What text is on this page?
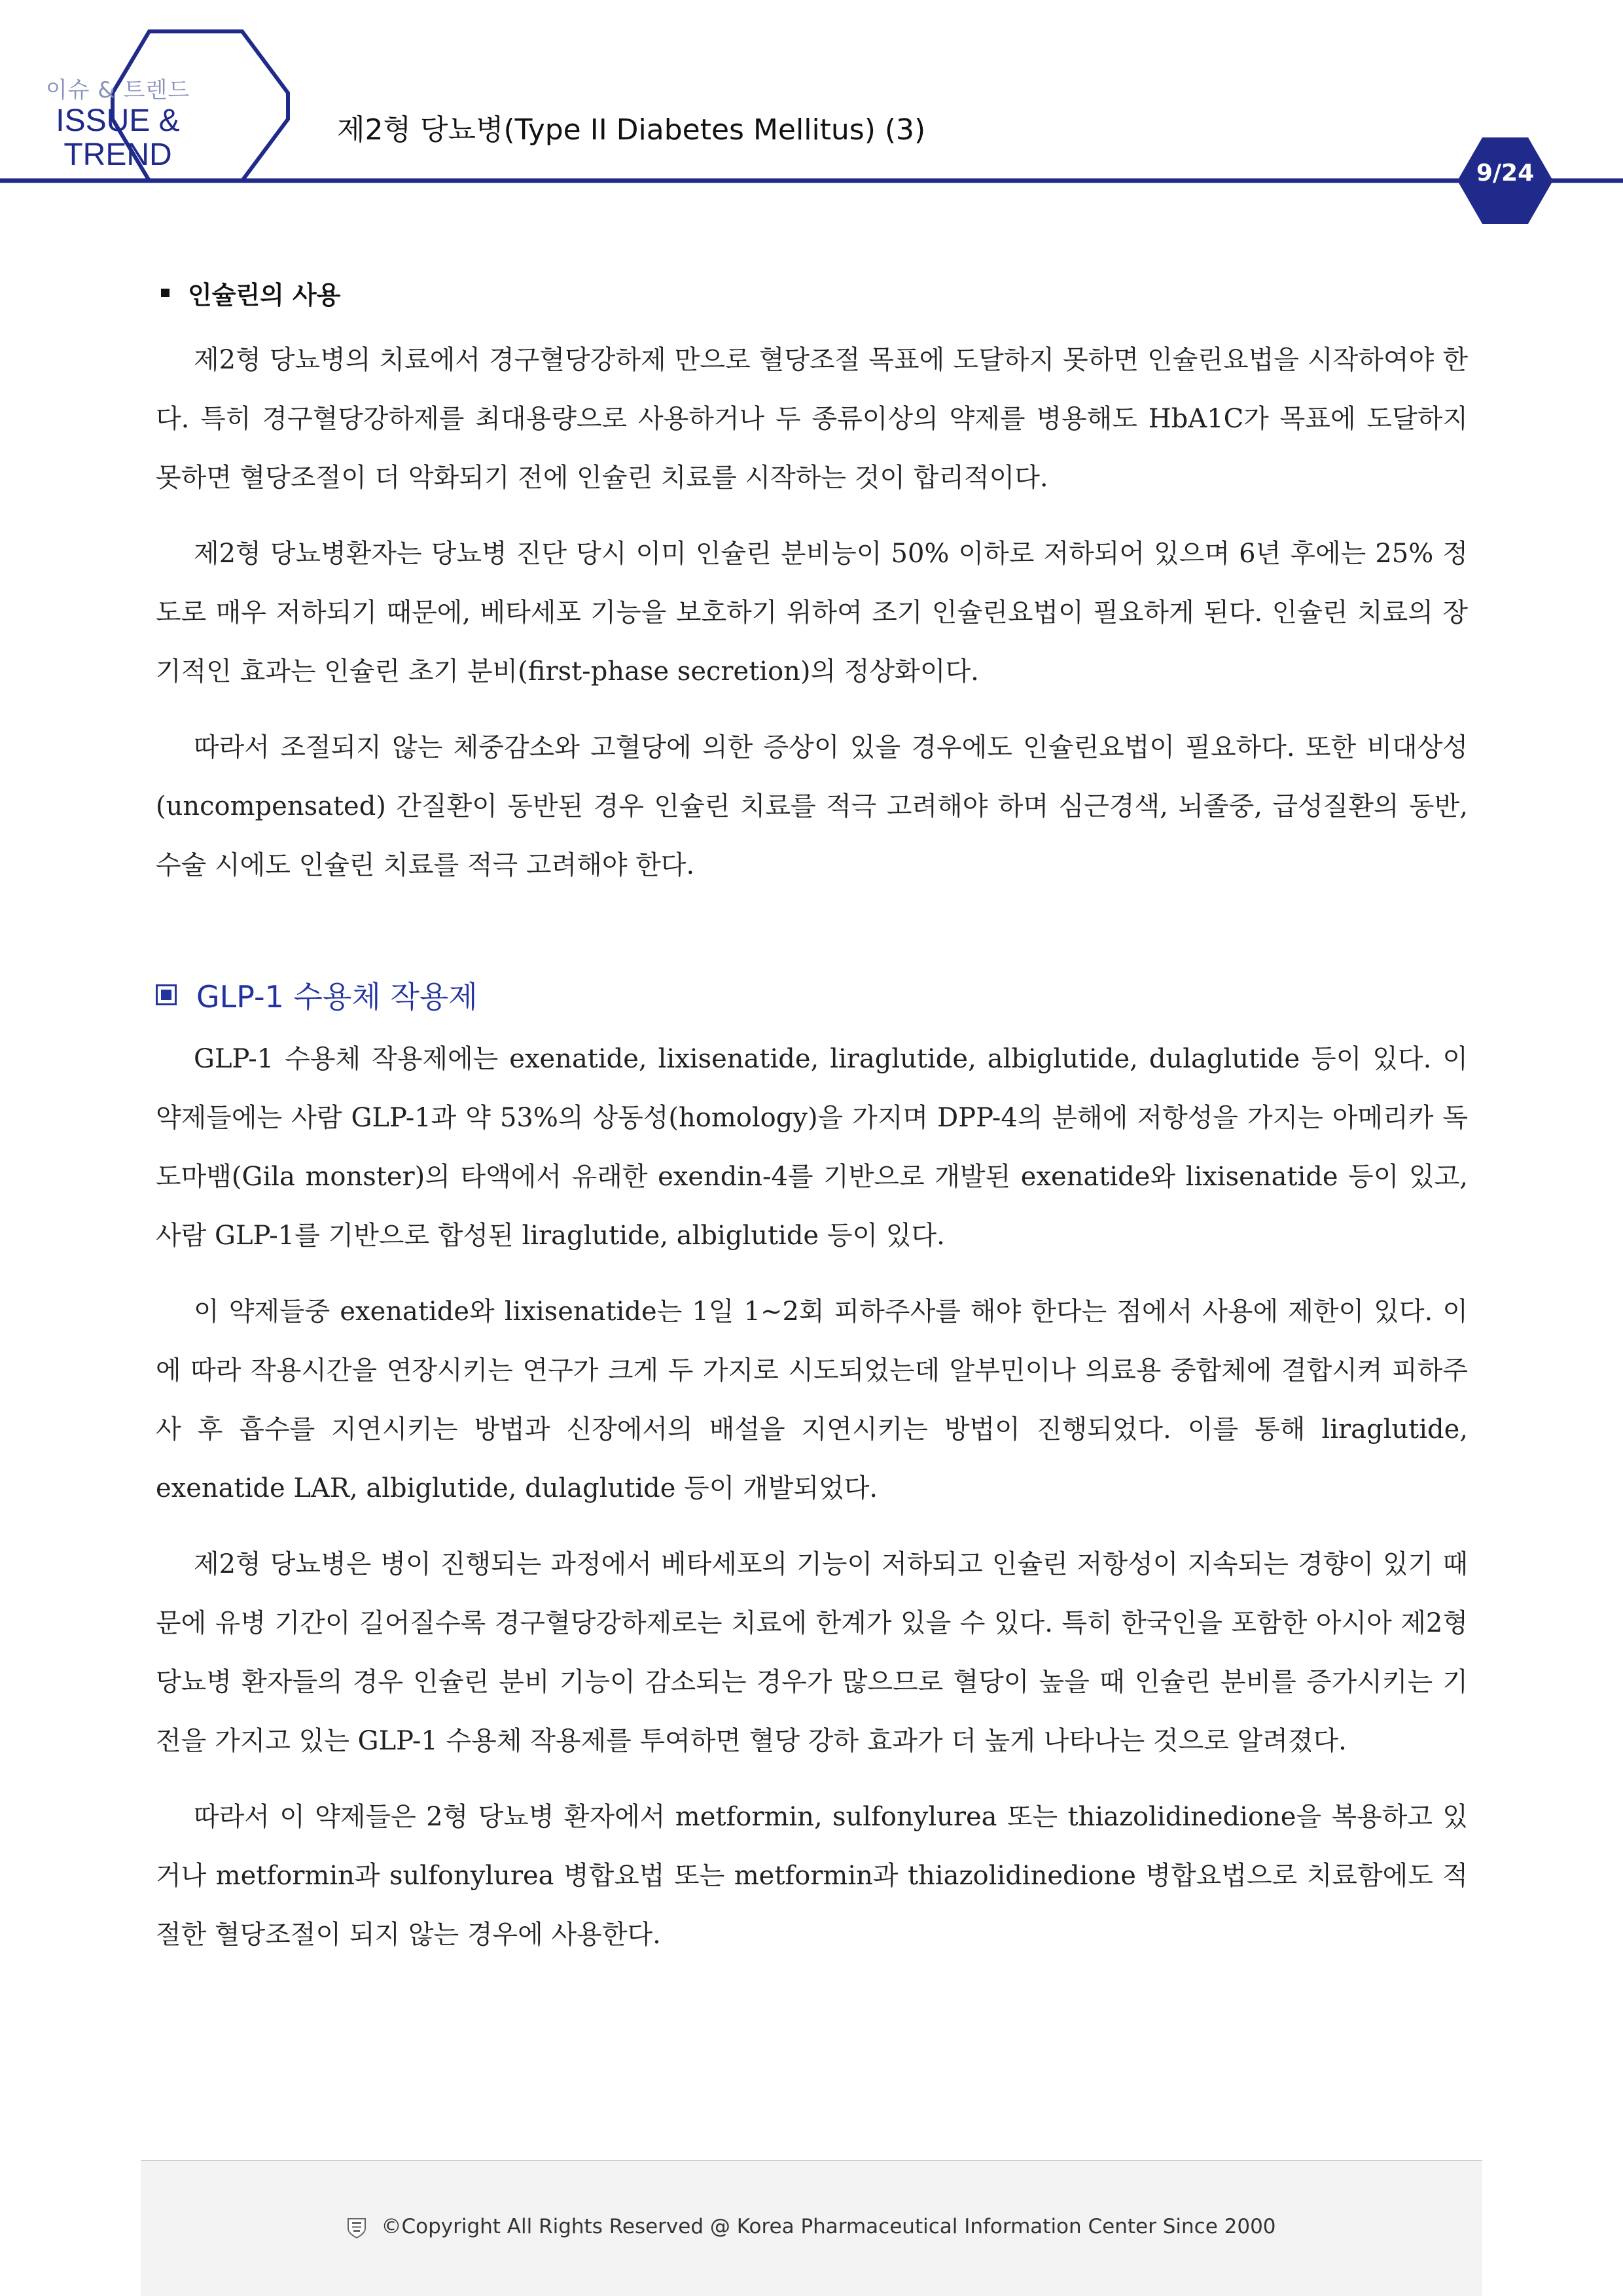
이슈 & 트렌드
ISSUE &
TREND
제2형 당뇨병(Type II Diabetes Mellitus) (3)
9/24
인슐린의 사용

제2형 당뇨병의 치료에서 경구혈당강하제 만으로 혈당조절 목표에 도달하지 못하면 인슐린요법을 시작하여야 한다. 특히 경구혈당강하제를 최대용량으로 사용하거나 두 종류이상의 약제를 병용해도 HbA1C가 목표에 도달하지 못하면 혈당조절이 더 악화되기 전에 인슐린 치료를 시작하는 것이 합리적이다.

제2형 당뇨병환자는 당뇨병 진단 당시 이미 인슐린 분비능이 50% 이하로 저하되어 있으며 6년 후에는 25% 정도로 매우 저하되기 때문에, 베타세포 기능을 보호하기 위하여 조기 인슐린요법이 필요하게 된다. 인슐린 치료의 장기적인 효과는 인슐린 초기 분비(first-phase secretion)의 정상화이다.

따라서 조절되지 않는 체중감소와 고혈당에 의한 증상이 있을 경우에도 인슐린요법이 필요하다. 또한 비대상성(uncompensated) 간질환이 동반된 경우 인슐린 치료를 적극 고려해야 하며 심근경색, 뇌졸중, 급성질환의 동반, 수술 시에도 인슐린 치료를 적극 고려해야 한다.

GLP-1 수용체 작용제

GLP-1 수용체 작용제에는 exenatide, lixisenatide, liraglutide, albiglutide, dulaglutide 등이 있다. 이 약제들에는 사람 GLP-1과 약 53%의 상동성(homology)을 가지며 DPP-4의 분해에 저항성을 가지는 아메리카 독도마뱀(Gila monster)의 타액에서 유래한 exendin-4를 기반으로 개발된 exenatide와 lixisenatide 등이 있고, 사람 GLP-1를 기반으로 합성된 liraglutide, albiglutide 등이 있다.

이 약제들중 exenatide와 lixisenatide는 1일 1~2회 피하주사를 해야 한다는 점에서 사용에 제한이 있다. 이에 따라 작용시간을 연장시키는 연구가 크게 두 가지로 시도되었는데 알부민이나 의료용 중합체에 결합시켜 피하주사 후 흡수를 지연시키는 방법과 신장에서의 배설을 지연시키는 방법이 진행되었다. 이를 통해 liraglutide, exenatide LAR, albiglutide, dulaglutide 등이 개발되었다.

제2형 당뇨병은 병이 진행되는 과정에서 베타세포의 기능이 저하되고 인슐린 저항성이 지속되는 경향이 있기 때문에 유병 기간이 길어질수록 경구혈당강하제로는 치료에 한계가 있을 수 있다. 특히 한국인을 포함한 아시아 제2형 당뇨병 환자들의 경우 인슐린 분비 기능이 감소되는 경우가 많으므로 혈당이 높을 때 인슐린 분비를 증가시키는 기전을 가지고 있는 GLP-1 수용체 작용제를 투여하면 혈당 강하 효과가 더 높게 나타나는 것으로 알려졌다.

따라서 이 약제들은 2형 당뇨병 환자에서 metformin, sulfonylurea 또는 thiazolidinedione을 복용하고 있거나 metformin과 sulfonylurea 병합요법 또는 metformin과 thiazolidinedione 병합요법으로 치료함에도 적절한 혈당조절이 되지 않는 경우에 사용한다.

©Copyright All Rights Reserved @ Korea Pharmaceutical Information Center Since 2000
